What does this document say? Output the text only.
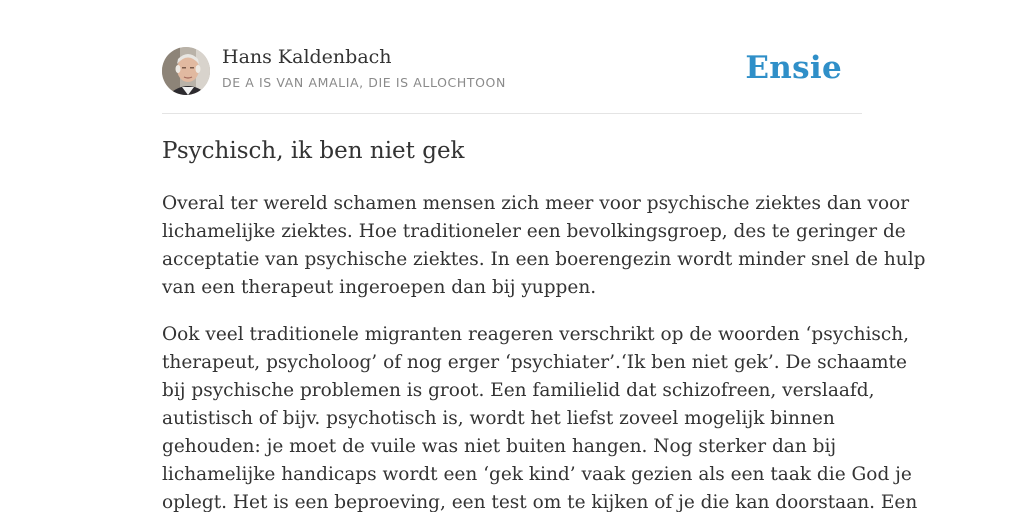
Hans Kaldenbach
DE A IS VAN AMALIA, DIE IS ALLOCHTOON	Ensie
Psychisch, ik ben niet gek

Overal ter wereld schamen mensen zich meer voor psychische ziektes dan voor
lichamelijke ziektes. Hoe traditioneler een bevolkingsgroep, des te geringer de
acceptatie van psychische ziektes. In een boerengezin wordt minder snel de hulp
van een therapeut ingeroepen dan bij yuppen.

Ook veel traditionele migranten reageren verschrikt op de woorden ‘psychisch,
therapeut, psycholoog’ of nog erger ‘psychiater’.‘Ik ben niet gek’. De schaamte
bij psychische problemen is groot. Een familielid dat schizofreen, verslaafd,
autistisch of bijv. psychotisch is, wordt het liefst zoveel mogelijk binnen
gehouden: je moet de vuile was niet buiten hangen. Nog sterker dan bij
lichamelijke handicaps wordt een ‘gek kind’ vaak gezien als een taak die God je
oplegt. Het is een beproeving, een test om te kijken of je die kan doorstaan. Een
